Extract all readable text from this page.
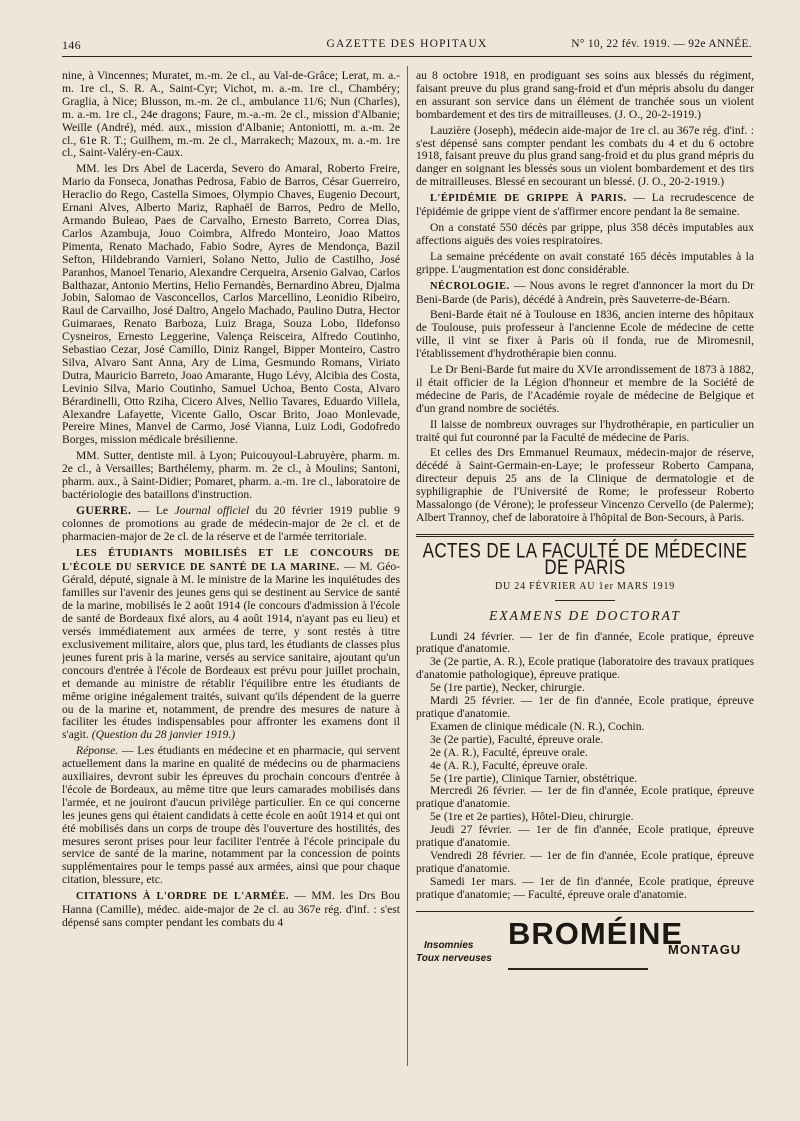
146	GAZETTE DES HOPITAUX	N° 10, 22 fév. 1919. — 92e ANNÉE.

nine, à Vincennes; Muratet, m.-m. 2e cl., au Val-de-Grâce; Lerat, m. a.-m. 1re cl., S. R. A., Saint-Cyr; Vichot, m. a.-m. 1re cl., Chambéry; Graglia, à Nice; Blusson, m.-m. 2e cl., ambulance 11/6; Nun (Charles), m. a.-m. 1re cl., 24e dragons; Faure, m.-a.-m. 2e cl., mission d'Albanie; Weille (André), méd. aux., mission d'Albanie; Antoniotti, m. a.-m. 2e cl., 61e R. T.; Guilhem, m.-m. 2e cl., Marrakech; Mazoux, m. a.-m. 1re cl., Saint-Valéry-en-Caux.

MM. les Drs Abel de Lacerda, Severo do Amaral, Roberto Freire, Mario da Fonseca, Jonathas Pedrosa, Fabio de Barros, César Guerreiro, Heraclio do Rego, Castella Simoes, Olympio Chaves, Eugenio Decourt, Ernani Alves, Alberto Mariz, Raphaël de Barros, Pedro de Mello, Armando Buleao, Paes de Carvalho, Ernesto Barreto, Correa Dias, Carlos Azambuja, Jouo Coimbra, Alfredo Monteiro, Joao Mattos Pimenta, Renato Machado, Fabio Sodre, Ayres de Mendonça, Bazil Sefton, Hildebrando Varnieri, Solano Netto, Julio de Castilho, José Paranhos, Manoel Tenario, Alexandre Cerqueira, Arsenio Galvao, Carlos Balthazar, Antonio Mertins, Helio Fernandès, Bernardino Abreu, Djalma Jobin, Salomao de Vasconcellos, Carlos Marcellino, Leonidio Ribeiro, Raul de Carvailho, José Daltro, Angelo Machado, Paulino Dutra, Hector Guimaraes, Renato Barboza, Luiz Braga, Souza Lobo, Ildefonso Cysneiros, Ernesto Leggerine, Valença Reisceira, Alfredo Coutinho, Sebastiao Cezar, José Camillo, Diniz Rangel, Bipper Monteiro, Castro Silva, Alvaro Sant Anna, Ary de Lima, Gesmundo Romans, Viriato Dutra, Mauricio Barreto, Joao Amarante, Hugo Lévy, Alcibia des Costa, Levinio Silva, Mario Coutinho, Samuel Uchoa, Bento Costa, Alvaro Bérardinelli, Otto Rziha, Cicero Alves, Nellio Tavares, Eduardo Villela, Alexandre Lafayette, Vicente Gallo, Oscar Brito, Joao Monlevade, Pereire Mines, Manvel de Carmo, José Vianna, Luiz Lodi, Godofredo Borges, mission médicale brésilienne.

MM. Sutter, dentiste mil. à Lyon; Puicouyoul-Labruyère, pharm. m. 2e cl., à Versailles; Barthélemy, pharm. m. 2e cl., à Moulins; Santoni, pharm. aux., à Saint-Didier; Pomaret, pharm. a.-m. 1re cl., laboratoire de bactériologie des bataillons d'instruction.

GUERRE. — Le Journal officiel du 20 février 1919 publie 9 colonnes de promotions au grade de médecin-major de 2e cl. et de pharmacien-major de 2e cl. de la réserve et de l'armée territoriale.

LES ÉTUDIANTS MOBILISÉS ET LE CONCOURS DE L'ÉCOLE DU SERVICE DE SANTÉ DE LA MARINE. — M. Géo-Gérald, député, signale à M. le ministre de la Marine les inquiétudes des familles sur l'avenir des jeunes gens qui se destinent au Service de santé de la marine, mobilisés le 2 août 1914 (le concours d'admission à l'école de santé de Bordeaux fixé alors, au 4 août 1914, n'ayant pas eu lieu) et versés immédiatement aux armées de terre, y sont restés à titre exclusivement militaire, alors que, plus tard, les étudiants de classes plus jeunes furent pris à la marine, versés au service sanitaire, ajoutant qu'un concours d'entrée à l'école de Bordeaux est prévu pour juillet prochain, et demande au ministre de rétablir l'équilibre entre les étudiants de même origine inégalement traités, suivant qu'ils dépendent de la guerre ou de la marine et, notamment, de prendre des mesures de nature à faciliter les études indispensables pour affronter les examens dont il s'agit. (Question du 28 janvier 1919.)

Réponse. — Les étudiants en médecine et en pharmacie, qui servent actuellement dans la marine en qualité de médecins ou de pharmaciens auxiliaires, devront subir les épreuves du prochain concours d'entrée à l'école de Bordeaux, au même titre que leurs camarades mobilisés dans l'armée, et ne jouiront d'aucun privilège particulier. En ce qui concerne les jeunes gens qui étaient candidats à cette école en août 1914 et qui ont été mobilisés dans un corps de troupe dès l'ouverture des hostilités, des mesures seront prises pour leur faciliter l'entrée à l'école principale du service de santé de la marine, notamment par la concession de points supplémentaires pour le temps passé aux armées, ainsi que pour chaque citation, blessure, etc.

CITATIONS À L'ORDRE DE L'ARMÉE. — MM. les Drs Bou Hanna (Camille), médec. aide-major de 2e cl. au 367e rég. d'inf. : s'est dépensé sans compter pendant les combats du 4

au 8 octobre 1918, en prodiguant ses soins aux blessés du régiment, faisant preuve du plus grand sang-froid et d'un mépris absolu du danger en assurant son service dans un élément de tranchée sous un violent bombardement et des tirs de mitrailleuses. (J. O., 20-2-1919.)

Lauzière (Joseph), médecin aide-major de 1re cl. au 367e rég. d'inf. : s'est dépensé sans compter pendant les combats du 4 et du 6 octobre 1918, faisant preuve du plus grand sang-froid et du plus grand mépris du danger en soignant les blessés sous un violent bombardement et des tirs de mitrailleuses. Blessé en secourant un blessé. (J. O., 20-2-1919.)

L'ÉPIDÉMIE DE GRIPPE À PARIS. — La recrudescence de l'épidémie de grippe vient de s'affirmer encore pendant la 8e semaine.

On a constaté 550 décès par grippe, plus 358 décès imputables aux affections aiguës des voies respiratoires.

La semaine précédente on avait constaté 165 décès imputables à la grippe. L'augmentation est donc considérable.

NÉCROLOGIE. — Nous avons le regret d'annoncer la mort du Dr Beni-Barde (de Paris), décédé à Andrein, près Sauveterre-de-Béarn.

Beni-Barde était né à Toulouse en 1836, ancien interne des hôpitaux de Toulouse, puis professeur à l'ancienne Ecole de médecine de cette ville, il vint se fixer à Paris où il fonda, rue de Miromesnil, l'établissement d'hydrothérapie bien connu.

Le Dr Beni-Barde fut maire du XVIe arrondissement de 1873 à 1882, il était officier de la Légion d'honneur et membre de la Société de médecine de Paris, de l'Académie royale de médecine de Belgique et d'un grand nombre de sociétés.

Il laisse de nombreux ouvrages sur l'hydrothérapie, en particulier un traité qui fut couronné par la Faculté de médecine de Paris.

Et celles des Drs Emmanuel Reumaux, médecin-major de réserve, décédé à Saint-Germain-en-Laye; le professeur Roberto Campana, directeur depuis 25 ans de la Clinique de dermatologie et de syphiligraphie de l'Université de Rome; le professeur Roberto Massalongo (de Vérone); le professeur Vincenzo Cervello (de Palerme); Albert Trannoy, chef de laboratoire à l'hôpital de Bon-Secours, à Paris.

ACTES DE LA FACULTÉ DE MÉDECINE DE PARIS
DU 24 FÉVRIER AU 1er MARS 1919
EXAMENS DE DOCTORAT

Lundi 24 février. — 1er de fin d'année, Ecole pratique, épreuve pratique d'anatomie.

3e (2e partie, A. R.), Ecole pratique (laboratoire des travaux pratiques d'anatomie pathologique), épreuve pratique.

5e (1re partie), Necker, chirurgie.

Mardi 25 février. — 1er de fin d'année, Ecole pratique, épreuve pratique d'anatomie.

Examen de clinique médicale (N. R.), Cochin.

3e (2e partie), Faculté, épreuve orale.

2e (A. R.), Faculté, épreuve orale.

4e (A. R.), Faculté, épreuve orale.

5e (1re partie), Clinique Tarnier, obstétrique.

Mercredi 26 février. — 1er de fin d'année, Ecole pratique, épreuve pratique d'anatomie.

5e (1re et 2e parties), Hôtel-Dieu, chirurgie.

Jeudi 27 février. — 1er de fin d'année, Ecole pratique, épreuve pratique d'anatomie.

Vendredi 28 février. — 1er de fin d'année, Ecole pratique, épreuve pratique d'anatomie.

Samedi 1er mars. — 1er de fin d'année, Ecole pratique, épreuve pratique d'anatomie; — Faculté, épreuve orale d'anatomie.

Insomnies
Toux nerveuses
BROMÉINE
MONTAGU
